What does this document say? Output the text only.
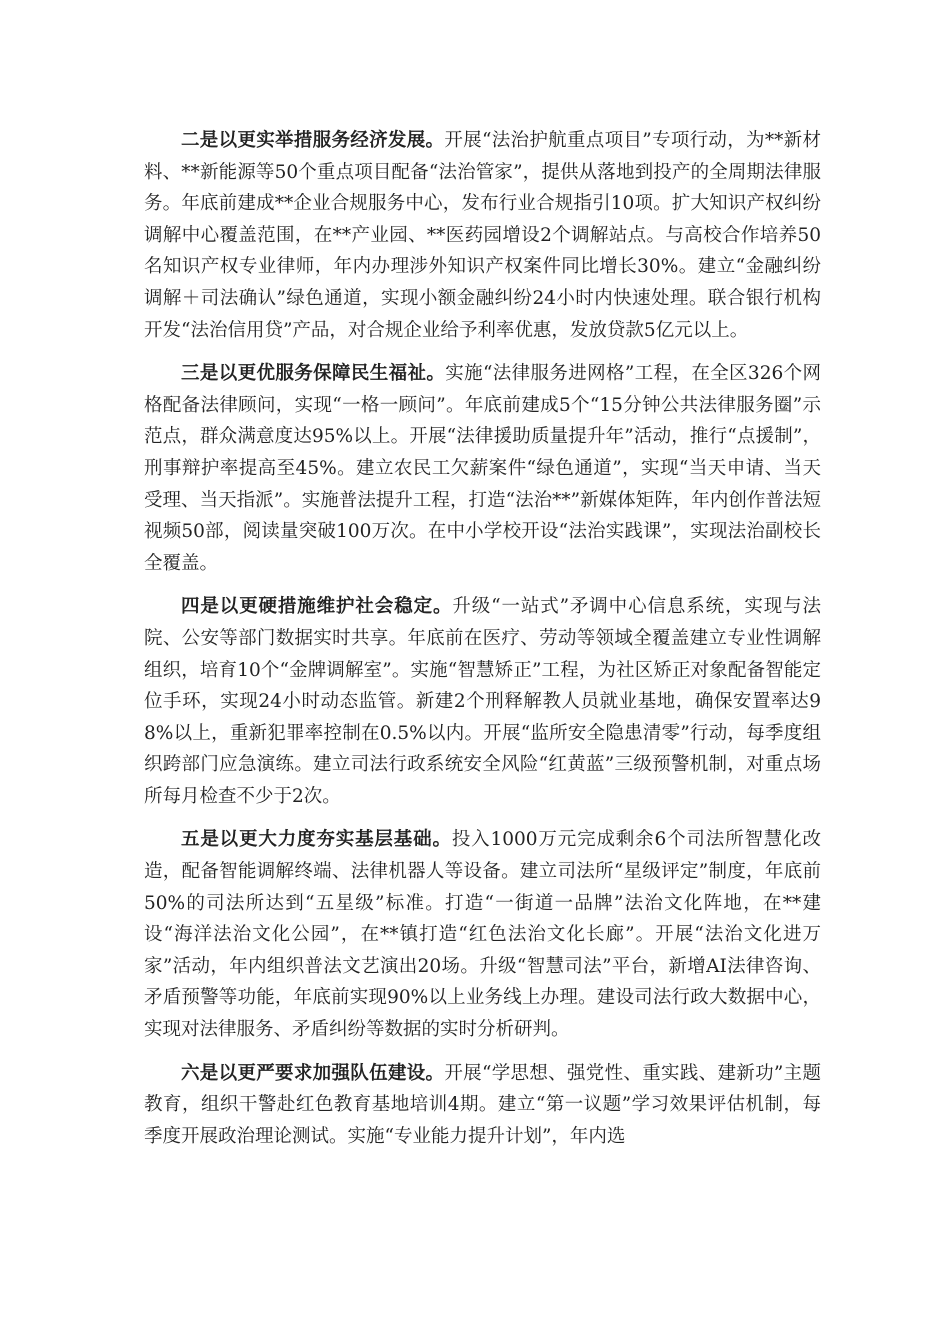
二是以更实举措服务经济发展。开展“法治护航重点项目”专项行动，为**新材料、**新能源等50个重点项目配备“法治管家”，提供从落地到投产的全周期法律服务。年底前建成**企业合规服务中心，发布行业合规指引10项。扩大知识产权纠纷调解中心覆盖范围，在**产业园、**医药园增设2个调解站点。与高校合作培养50名知识产权专业律师，年内办理涉外知识产权案件同比增长30%。建立“金融纠纷调解＋司法确认”绿色通道，实现小额金融纠纷24小时内快速处理。联合银行机构开发“法治信用贷”产品，对合规企业给予利率优惠，发放贷款5亿元以上。

三是以更优服务保障民生福祉。实施“法律服务进网格”工程，在全区326个网格配备法律顾问，实现“一格一顾问”。年底前建成5个“15分钟公共法律服务圈”示范点，群众满意度达95%以上。开展“法律援助质量提升年”活动，推行“点援制”，刑事辩护率提高至45%。建立农民工欠薪案件“绿色通道”，实现“当天申请、当天受理、当天指派”。实施普法提升工程，打造“法治**”新媒体矩阵，年内创作普法短视频50部，阅读量突破100万次。在中小学校开设“法治实践课”，实现法治副校长全覆盖。

四是以更硬措施维护社会稳定。升级“一站式”矛调中心信息系统，实现与法院、公安等部门数据实时共享。年底前在医疗、劳动等领域全覆盖建立专业性调解组织，培育10个“金牌调解室”。实施“智慧矫正”工程，为社区矫正对象配备智能定位手环，实现24小时动态监管。新建2个刑释解教人员就业基地，确保安置率达98%以上，重新犯罪率控制在0.5%以内。开展“监所安全隐患清零”行动，每季度组织跨部门应急演练。建立司法行政系统安全风险“红黄蓝”三级预警机制，对重点场所每月检查不少于2次。

五是以更大力度夯实基层基础。投入1000万元完成剩余6个司法所智慧化改造，配备智能调解终端、法律机器人等设备。建立司法所“星级评定”制度，年底前50%的司法所达到“五星级”标准。打造“一街道一品牌”法治文化阵地，在**建设“海洋法治文化公园”，在**镇打造“红色法治文化长廊”。开展“法治文化进万家”活动，年内组织普法文艺演出20场。升级“智慧司法”平台，新增AI法律咨询、矛盾预警等功能，年底前实现90%以上业务线上办理。建设司法行政大数据中心，实现对法律服务、矛盾纠纷等数据的实时分析研判。

六是以更严要求加强队伍建设。开展“学思想、强党性、重实践、建新功”主题教育，组织干警赴红色教育基地培训4期。建立“第一议题”学习效果评估机制，每季度开展政治理论测试。实施“专业能力提升计划”，年内选
